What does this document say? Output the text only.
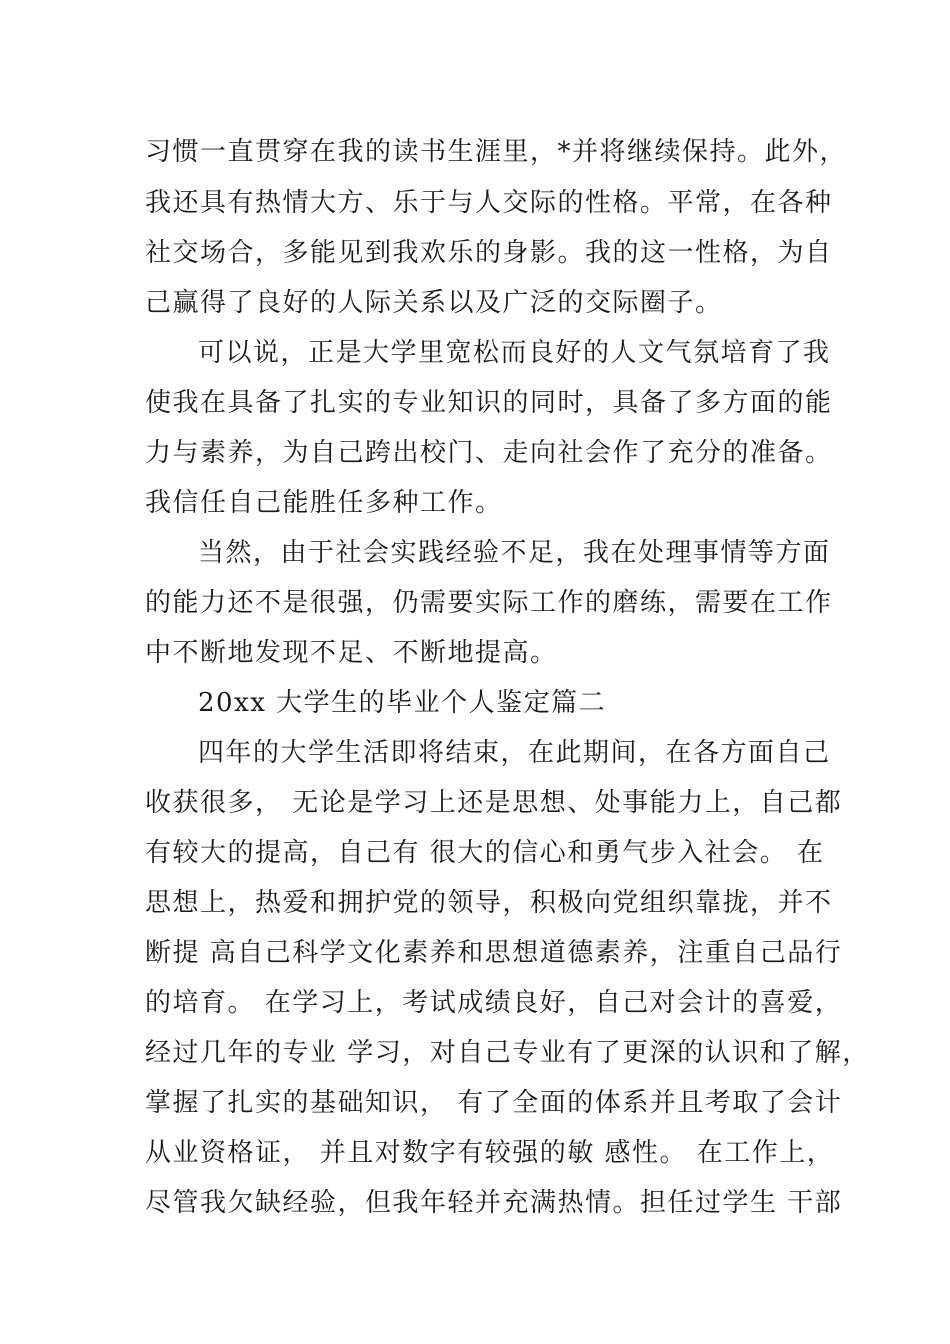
习惯一直贯穿在我的读书生涯里，*并将继续保持。此外，
我还具有热情大方、乐于与人交际的性格。平常，在各种
社交场合，多能见到我欢乐的身影。我的这一性格，为自
己赢得了良好的人际关系以及广泛的交际圈子。
可以说，正是大学里宽松而良好的人文气氛培育了我
使我在具备了扎实的专业知识的同时，具备了多方面的能
力与素养，为自己跨出校门、走向社会作了充分的准备。
我信任自己能胜任多种工作。
当然，由于社会实践经验不足，我在处理事情等方面
的能力还不是很强，仍需要实际工作的磨练，需要在工作
中不断地发现不足、不断地提高。
20xx 大学生的毕业个人鉴定篇二
四年的大学生活即将结束，在此期间，在各方面自己
收获很多， 无论是学习上还是思想、处事能力上，自己都
有较大的提高，自己有 很大的信心和勇气步入社会。 在
思想上，热爱和拥护党的领导，积极向党组织靠拢，并不
断提 高自己科学文化素养和思想道德素养，注重自己品行
的培育。 在学习上，考试成绩良好，自己对会计的喜爱，
经过几年的专业 学习，对自己专业有了更深的认识和了解，
掌握了扎实的基础知识， 有了全面的体系并且考取了会计
从业资格证， 并且对数字有较强的敏 感性。 在工作上，
尽管我欠缺经验，但我年轻并充满热情。担任过学生 干部
